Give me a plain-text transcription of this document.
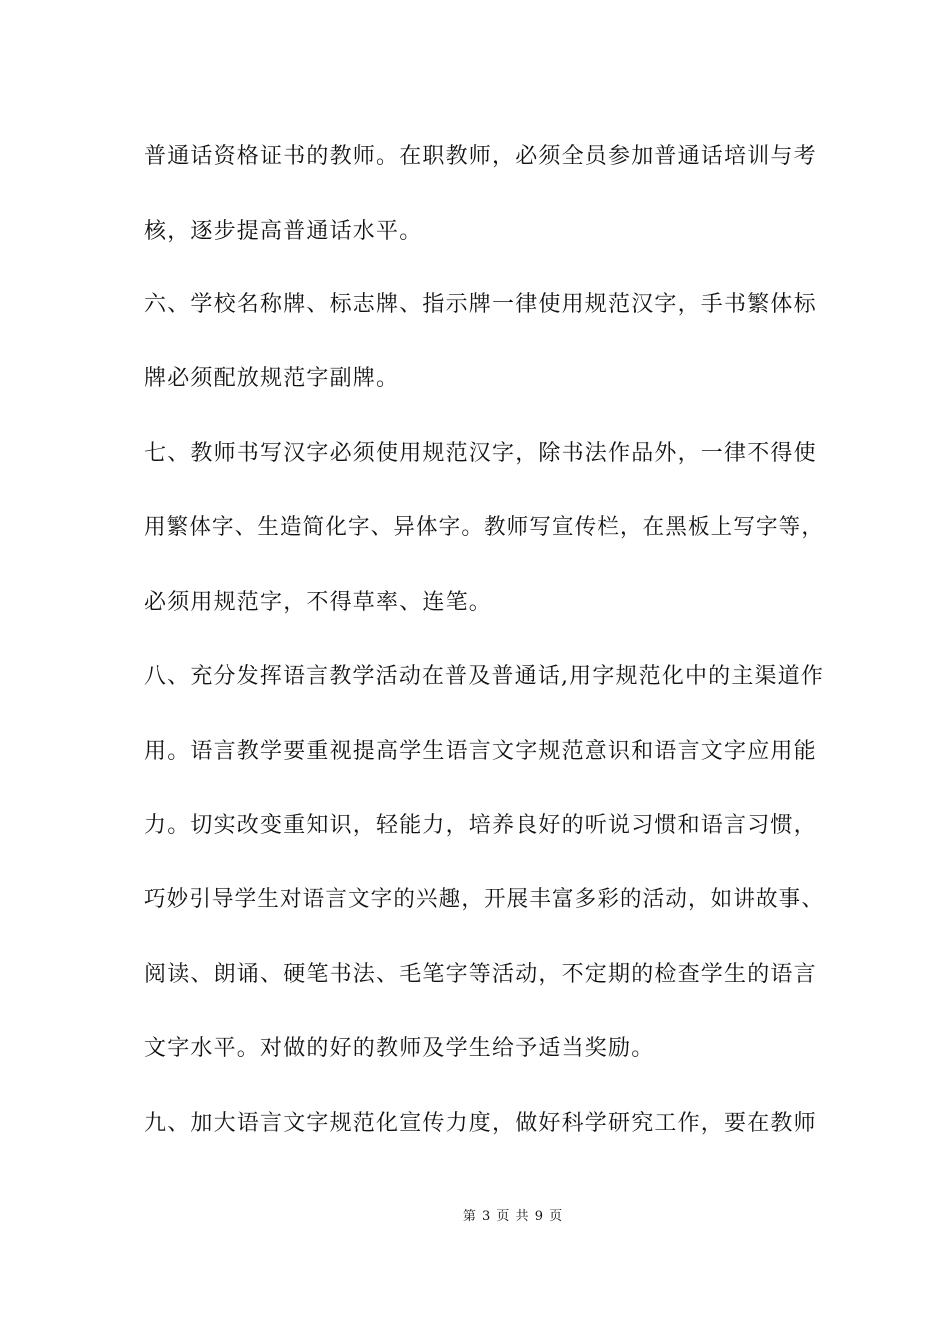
普通话资格证书的教师。在职教师，必须全员参加普通话培训与考
核，逐步提高普通话水平。
六、学校名称牌、标志牌、指示牌一律使用规范汉字，手书繁体标
牌必须配放规范字副牌。
七、教师书写汉字必须使用规范汉字，除书法作品外，一律不得使
用繁体字、生造简化字、异体字。教师写宣传栏，在黑板上写字等，
必须用规范字，不得草率、连笔。
八、充分发挥语言教学活动在普及普通话,用字规范化中的主渠道作
用。语言教学要重视提高学生语言文字规范意识和语言文字应用能
力。切实改变重知识，轻能力，培养良好的听说习惯和语言习惯，
巧妙引导学生对语言文字的兴趣，开展丰富多彩的活动，如讲故事、
阅读、朗诵、硬笔书法、毛笔字等活动，不定期的检查学生的语言
文字水平。对做的好的教师及学生给予适当奖励。
九、加大语言文字规范化宣传力度，做好科学研究工作，要在教师
第 3 页 共 9 页
